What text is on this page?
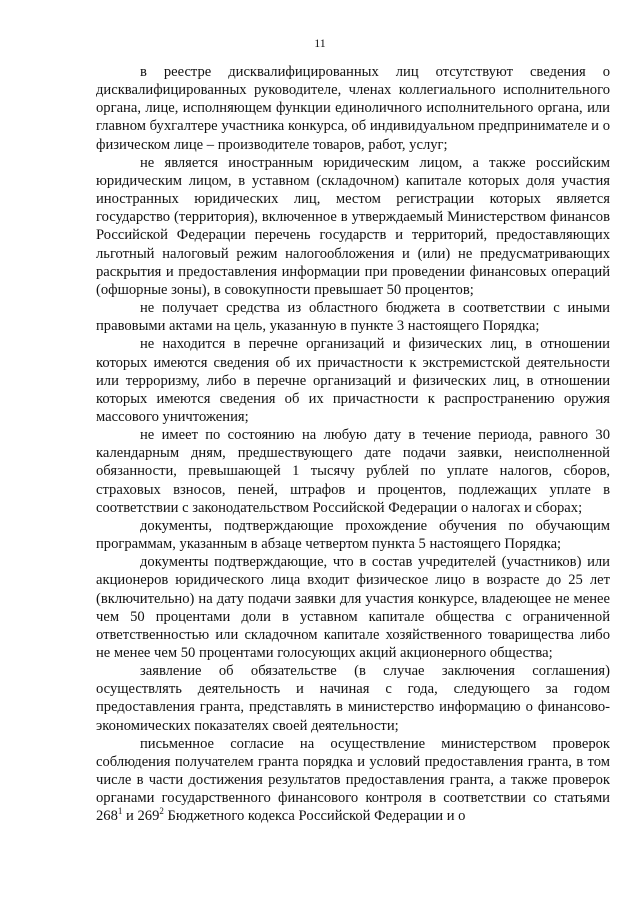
11

в реестре дисквалифицированных лиц отсутствуют сведения о дисквалифицированных руководителе, членах коллегиального исполнительного органа, лице, исполняющем функции единоличного исполнительного органа, или главном бухгалтере участника конкурса, об индивидуальном предпринимателе и о физическом лице – производителе товаров, работ, услуг;

не является иностранным юридическим лицом, а также российским юридическим лицом, в уставном (складочном) капитале которых доля участия иностранных юридических лиц, местом регистрации которых является государство (территория), включенное в утверждаемый Министерством финансов Российской Федерации перечень государств и территорий, предоставляющих льготный налоговый режим налогообложения и (или) не предусматривающих раскрытия и предоставления информации при проведении финансовых операций (офшорные зоны), в совокупности превышает 50 процентов;

не получает средства из областного бюджета в соответствии с иными правовыми актами на цель, указанную в пункте 3 настоящего Порядка;

не находится в перечне организаций и физических лиц, в отношении которых имеются сведения об их причастности к экстремистской деятельности или терроризму, либо в перечне организаций и физических лиц, в отношении которых имеются сведения об их причастности к распространению оружия массового уничтожения;

не имеет по состоянию на любую дату в течение периода, равного 30 календарным дням, предшествующего дате подачи заявки, неисполненной обязанности, превышающей 1 тысячу рублей по уплате налогов, сборов, страховых взносов, пеней, штрафов и процентов, подлежащих уплате в соответствии с законодательством Российской Федерации о налогах и сборах;

документы, подтверждающие прохождение обучения по обучающим программам, указанным в абзаце четвертом пункта 5 настоящего Порядка;

документы подтверждающие, что в состав учредителей (участников) или акционеров юридического лица входит физическое лицо в возрасте до 25 лет (включительно) на дату подачи заявки для участия конкурсе, владеющее не менее чем 50 процентами доли в уставном капитале общества с ограниченной ответственностью или складочном капитале хозяйственного товарищества либо не менее чем 50 процентами голосующих акций акционерного общества;

заявление об обязательстве (в случае заключения соглашения) осуществлять деятельность и начиная с года, следующего за годом предоставления гранта, представлять в министерство информацию о финансово-экономических показателях своей деятельности;

письменное согласие на осуществление министерством проверок соблюдения получателем гранта порядка и условий предоставления гранта, в том числе в части достижения результатов предоставления гранта, а также проверок органами государственного финансового контроля в соответствии со статьями $268^1$ и $269^2$ Бюджетного кодекса Российской Федерации и о
